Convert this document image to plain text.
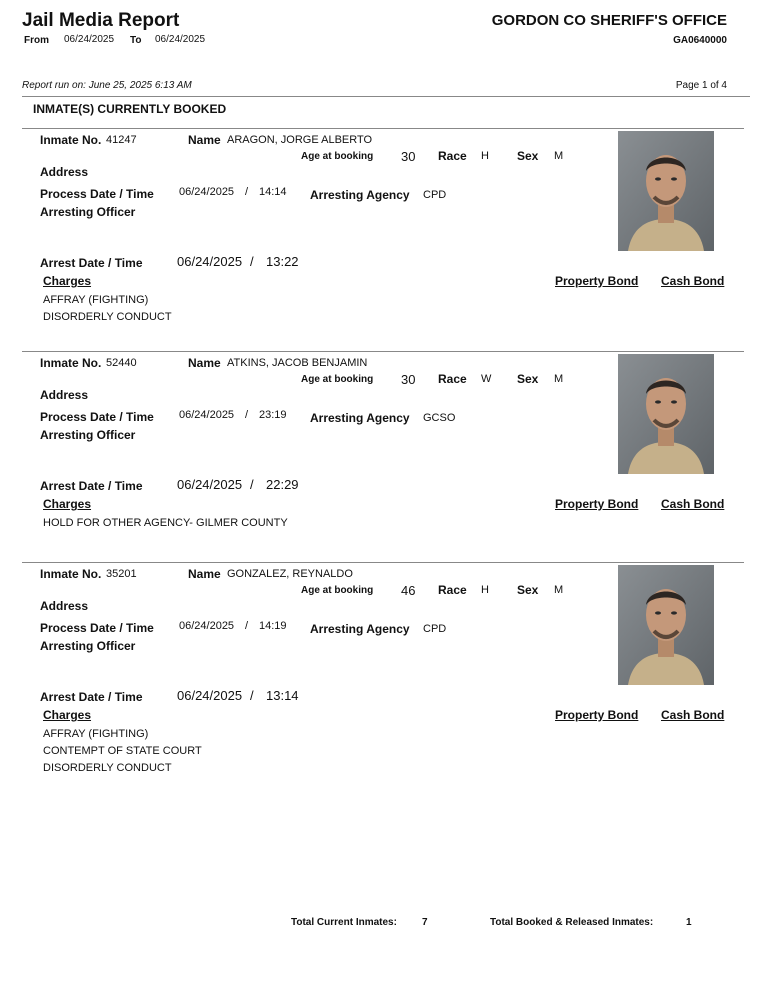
Jail Media Report
From 06/24/2025 To 06/24/2025
GORDON CO SHERIFF'S OFFICE
GA0640000
Report run on: June 25, 2025 6:13 AM	Page 1 of 4
INMATE(S) CURRENTLY BOOKED
Inmate No. 41247	Name ARAGON, JORGE ALBERTO
Age at booking 30 Race H Sex M
Address
Process Date / Time 06/24/2025 / 14:14 Arresting Agency CPD
Arresting Officer
Arrest Date / Time	06/24/2025 / 13:22
Charges	Property Bond Cash Bond
AFFRAY (FIGHTING)
DISORDERLY CONDUCT
Inmate No. 52440	Name ATKINS, JACOB BENJAMIN
Age at booking 30 Race W Sex M
Address
Process Date / Time 06/24/2025 / 23:19 Arresting Agency GCSO
Arresting Officer
Arrest Date / Time	06/24/2025 / 22:29
Charges	Property Bond Cash Bond
HOLD FOR OTHER AGENCY- GILMER COUNTY
Inmate No. 35201	Name GONZALEZ, REYNALDO
Age at booking 46 Race H Sex M
Address
Process Date / Time 06/24/2025 / 14:19 Arresting Agency CPD
Arresting Officer
Arrest Date / Time	06/24/2025 / 13:14
Charges	Property Bond Cash Bond
AFFRAY (FIGHTING)
CONTEMPT OF STATE COURT
DISORDERLY CONDUCT
Total Current Inmates:	7	Total Booked & Released Inmates:	1
